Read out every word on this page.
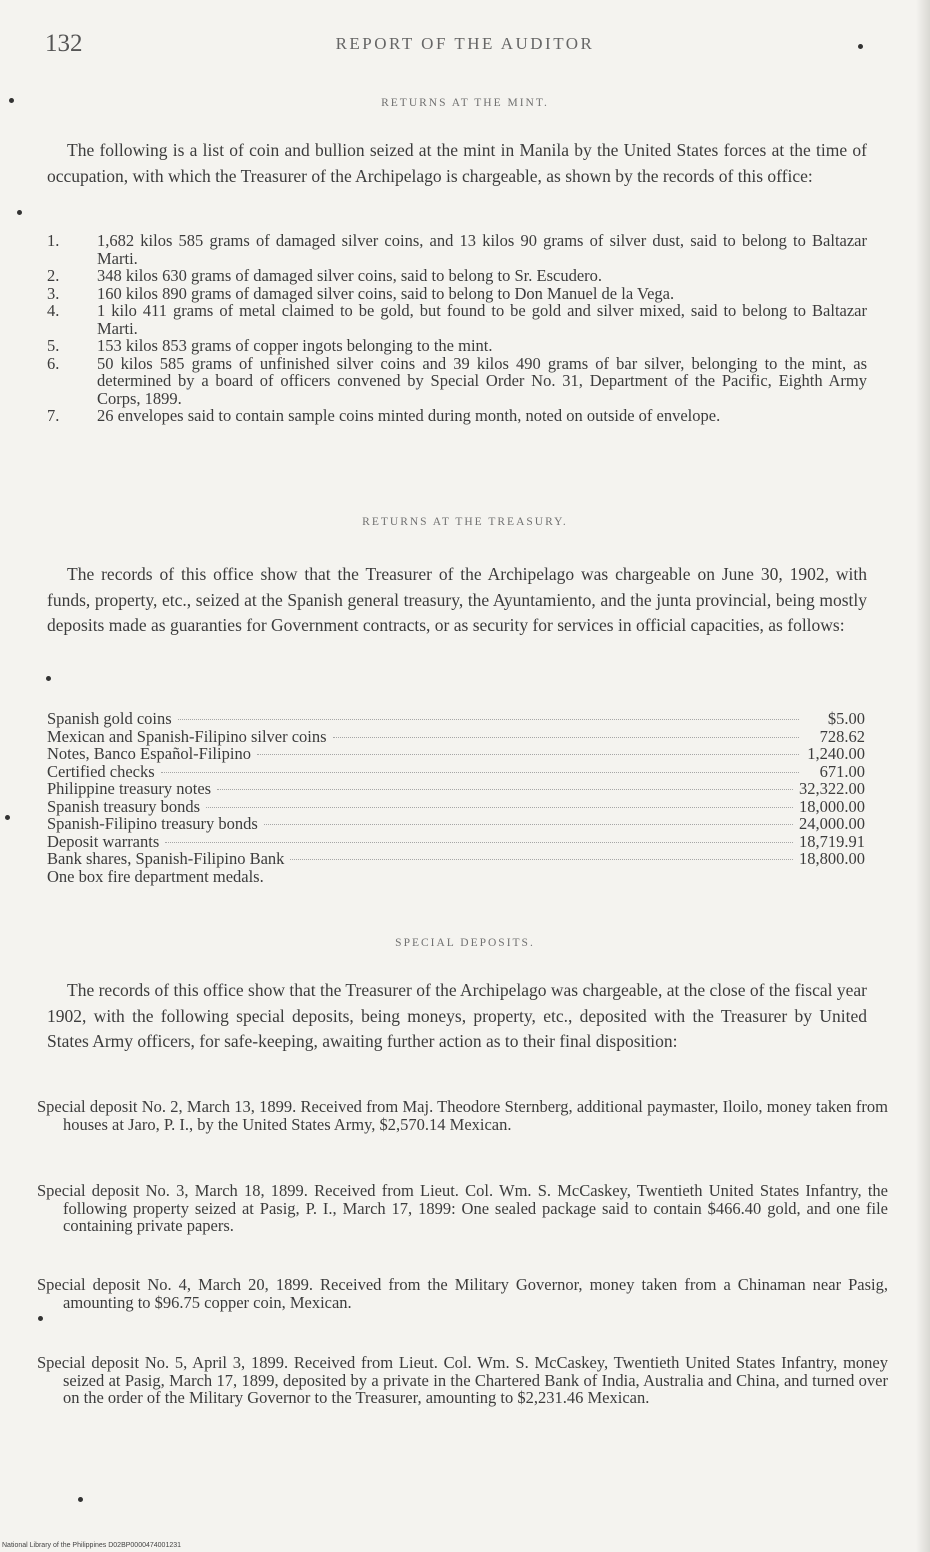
132	REPORT OF THE AUDITOR
RETURNS AT THE MINT.

The following is a list of coin and bullion seized at the mint in Manila by the United States forces at the time of occupation, with which the Treasurer of the Archipelago is chargeable, as shown by the records of this office:

1.	1,682 kilos 585 grams of damaged silver coins, and 13 kilos 90 grams of silver dust, said to belong to Baltazar Marti.
2.	348 kilos 630 grams of damaged silver coins, said to belong to Sr. Escudero.
3.	160 kilos 890 grams of damaged silver coins, said to belong to Don Manuel de la Vega.
4.	1 kilo 411 grams of metal claimed to be gold, but found to be gold and silver mixed, said to belong to Baltazar Marti.
5.	153 kilos 853 grams of copper ingots belonging to the mint.
6.	50 kilos 585 grams of unfinished silver coins and 39 kilos 490 grams of bar silver, belonging to the mint, as determined by a board of officers convened by Special Order No. 31, Department of the Pacific, Eighth Army Corps, 1899.
7.	26 envelopes said to contain sample coins minted during month, noted on outside of envelope.
RETURNS AT THE TREASURY.

The records of this office show that the Treasurer of the Archipelago was chargeable on June 30, 1902, with funds, property, etc., seized at the Spanish general treasury, the Ayuntamiento, and the junta provincial, being mostly deposits made as guaranties for Government contracts, or as security for services in official capacities, as follows:

Spanish gold coins	$5.00
Mexican and Spanish-Filipino silver coins	728.62
Notes, Banco Español-Filipino	1,240.00
Certified checks	671.00
Philippine treasury notes	32,322.00
Spanish treasury bonds	18,000.00
Spanish-Filipino treasury bonds	24,000.00
Deposit warrants	18,719.91
Bank shares, Spanish-Filipino Bank	18,800.00
One box fire department medals.
SPECIAL DEPOSITS.

The records of this office show that the Treasurer of the Archipelago was chargeable, at the close of the fiscal year 1902, with the following special deposits, being moneys, property, etc., deposited with the Treasurer by United States Army officers, for safe-keeping, awaiting further action as to their final disposition:

Special deposit No. 2, March 13, 1899. Received from Maj. Theodore Sternberg, additional paymaster, Iloilo, money taken from houses at Jaro, P. I., by the United States Army, $2,570.14 Mexican.

Special deposit No. 3, March 18, 1899. Received from Lieut. Col. Wm. S. McCaskey, Twentieth United States Infantry, the following property seized at Pasig, P. I., March 17, 1899: One sealed package said to contain $466.40 gold, and one file containing private papers.

Special deposit No. 4, March 20, 1899. Received from the Military Governor, money taken from a Chinaman near Pasig, amounting to $96.75 copper coin, Mexican.

Special deposit No. 5, April 3, 1899. Received from Lieut. Col. Wm. S. McCaskey, Twentieth United States Infantry, money seized at Pasig, March 17, 1899, deposited by a private in the Chartered Bank of India, Australia and China, and turned over on the order of the Military Governor to the Treasurer, amounting to $2,231.46 Mexican.

National Library of the Philippines D02BP0000474001231
